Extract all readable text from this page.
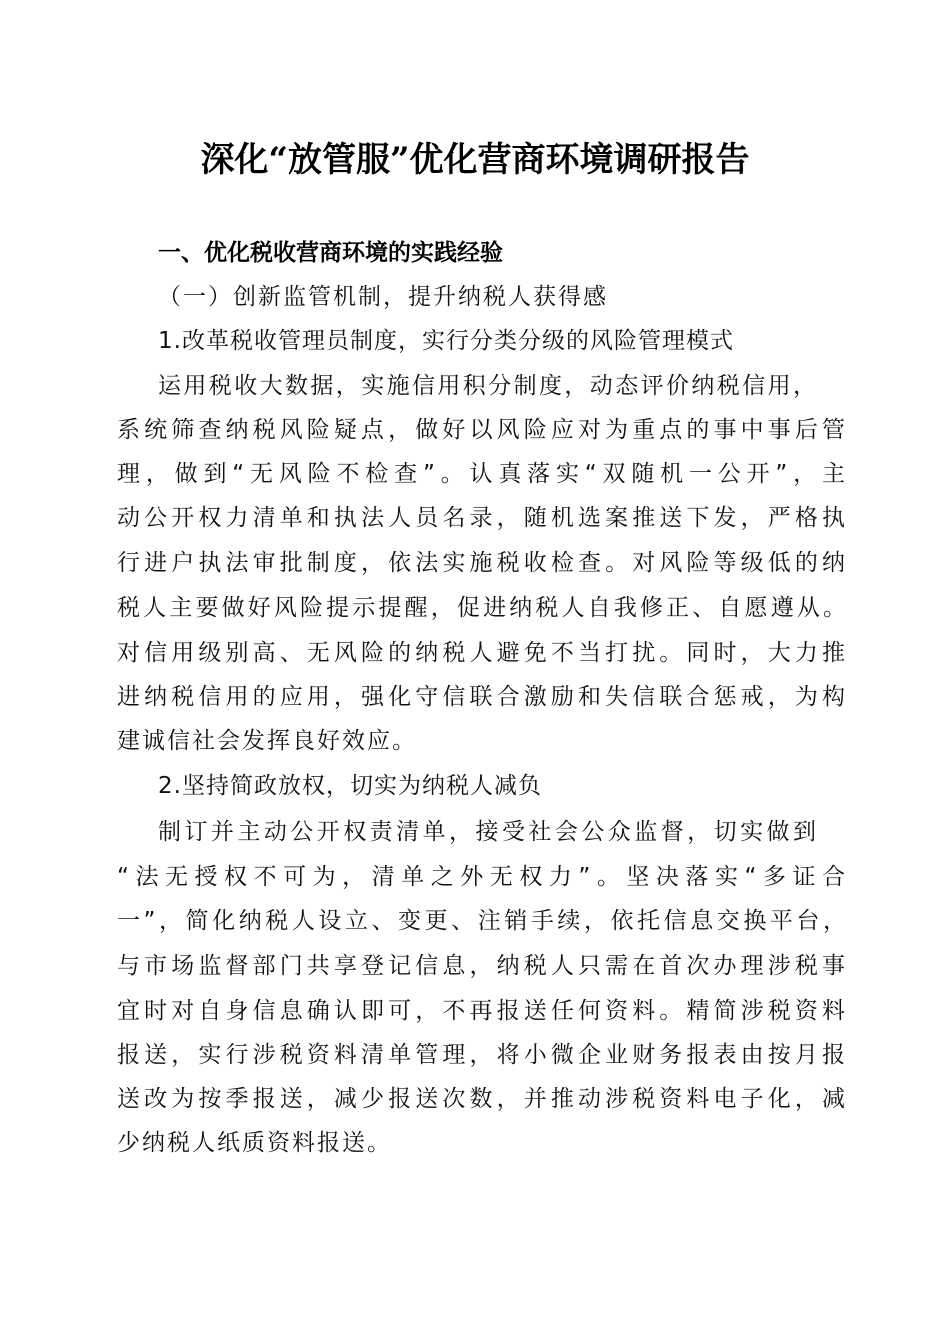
深化“放管服”优化营商环境调研报告
一、优化税收营商环境的实践经验
（一）创新监管机制，提升纳税人获得感
1.改革税收管理员制度，实行分类分级的风险管理模式
运用税收大数据，实施信用积分制度，动态评价纳税信用，
系统筛查纳税风险疑点，做好以风险应对为重点的事中事后管
理，做到“无风险不检查”。认真落实“双随机一公开”，主
动公开权力清单和执法人员名录，随机选案推送下发，严格执
行进户执法审批制度，依法实施税收检查。对风险等级低的纳
税人主要做好风险提示提醒，促进纳税人自我修正、自愿遵从。
对信用级别高、无风险的纳税人避免不当打扰。同时，大力推
进纳税信用的应用，强化守信联合激励和失信联合惩戒，为构
建诚信社会发挥良好效应。
2.坚持简政放权，切实为纳税人减负
制订并主动公开权责清单，接受社会公众监督，切实做到
“法无授权不可为，清单之外无权力”。坚决落实“多证合
一”，简化纳税人设立、变更、注销手续，依托信息交换平台，
与市场监督部门共享登记信息，纳税人只需在首次办理涉税事
宜时对自身信息确认即可，不再报送任何资料。精简涉税资料
报送，实行涉税资料清单管理，将小微企业财务报表由按月报
送改为按季报送，减少报送次数，并推动涉税资料电子化，减
少纳税人纸质资料报送。
